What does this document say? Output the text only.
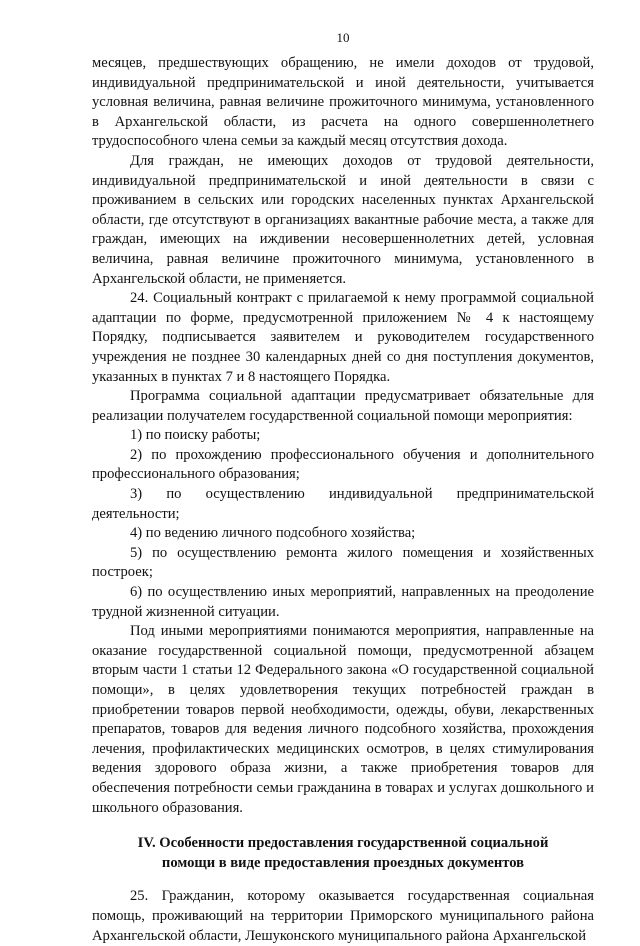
10

месяцев, предшествующих обращению, не имели доходов от трудовой, индивидуальной предпринимательской и иной деятельности, учитывается условная величина, равная величине прожиточного минимума, установленного в Архангельской области, из расчета на одного совершеннолетнего трудоспособного члена семьи за каждый месяц отсутствия дохода.

Для граждан, не имеющих доходов от трудовой деятельности, индивидуальной предпринимательской и иной деятельности в связи с проживанием в сельских или городских населенных пунктах Архангельской области, где отсутствуют в организациях вакантные рабочие места, а также для граждан, имеющих на иждивении несовершеннолетних детей, условная величина, равная величине прожиточного минимума, установленного в Архангельской области, не применяется.

24. Социальный контракт с прилагаемой к нему программой социальной адаптации по форме, предусмотренной приложением № 4 к настоящему Порядку, подписывается заявителем и руководителем государственного учреждения не позднее 30 календарных дней со дня поступления документов, указанных в пунктах 7 и 8 настоящего Порядка.

Программа социальной адаптации предусматривает обязательные для реализации получателем государственной социальной помощи мероприятия:

1) по поиску работы;

2) по прохождению профессионального обучения и дополнительного профессионального образования;

3) по осуществлению индивидуальной предпринимательской деятельности;

4) по ведению личного подсобного хозяйства;

5) по осуществлению ремонта жилого помещения и хозяйственных построек;

6) по осуществлению иных мероприятий, направленных на преодоление трудной жизненной ситуации.

Под иными мероприятиями понимаются мероприятия, направленные на оказание государственной социальной помощи, предусмотренной абзацем вторым части 1 статьи 12 Федерального закона «О государственной социальной помощи», в целях удовлетворения текущих потребностей граждан в приобретении товаров первой необходимости, одежды, обуви, лекарственных препаратов, товаров для ведения личного подсобного хозяйства, прохождения лечения, профилактических медицинских осмотров, в целях стимулирования ведения здорового образа жизни, а также приобретения товаров для обеспечения потребности семьи гражданина в товарах и услугах дошкольного и школьного образования.

IV. Особенности предоставления государственной социальной
помощи в виде предоставления проездных документов

25. Гражданин, которому оказывается государственная социальная помощь, проживающий на территории Приморского муниципального района Архангельской области, Лешуконского муниципального района Архангельской
